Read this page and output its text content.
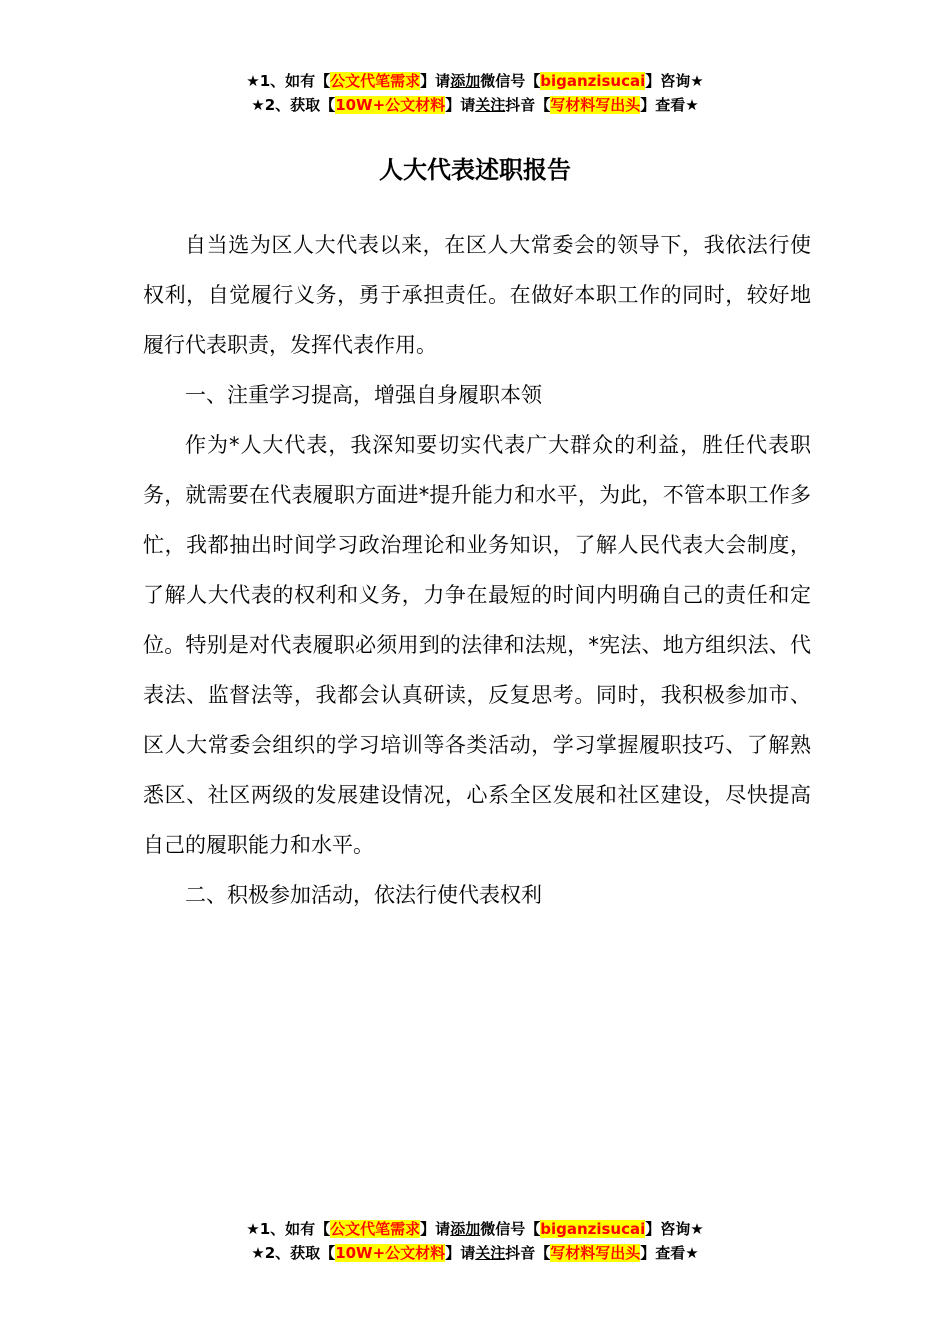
★1、如有【公文代笔需求】请添加微信号【biganzisucai】咨询★
★2、获取【10W+公文材料】请关注抖音【写材料写出头】查看★
人大代表述职报告

自当选为区人大代表以来，在区人大常委会的领导下，我依法行使权利，自觉履行义务，勇于承担责任。在做好本职工作的同时，较好地履行代表职责，发挥代表作用。

一、注重学习提高，增强自身履职本领

作为*人大代表，我深知要切实代表广大群众的利益，胜任代表职务，就需要在代表履职方面进*提升能力和水平，为此，不管本职工作多忙，我都抽出时间学习政治理论和业务知识，了解人民代表大会制度，了解人大代表的权利和义务，力争在最短的时间内明确自己的责任和定位。特别是对代表履职必须用到的法律和法规，*宪法、地方组织法、代表法、监督法等，我都会认真研读，反复思考。同时，我积极参加市、区人大常委会组织的学习培训等各类活动，学习掌握履职技巧、了解熟悉区、社区两级的发展建设情况，心系全区发展和社区建设，尽快提高自己的履职能力和水平。

二、积极参加活动，依法行使代表权利

★1、如有【公文代笔需求】请添加微信号【biganzisucai】咨询★
★2、获取【10W+公文材料】请关注抖音【写材料写出头】查看★
